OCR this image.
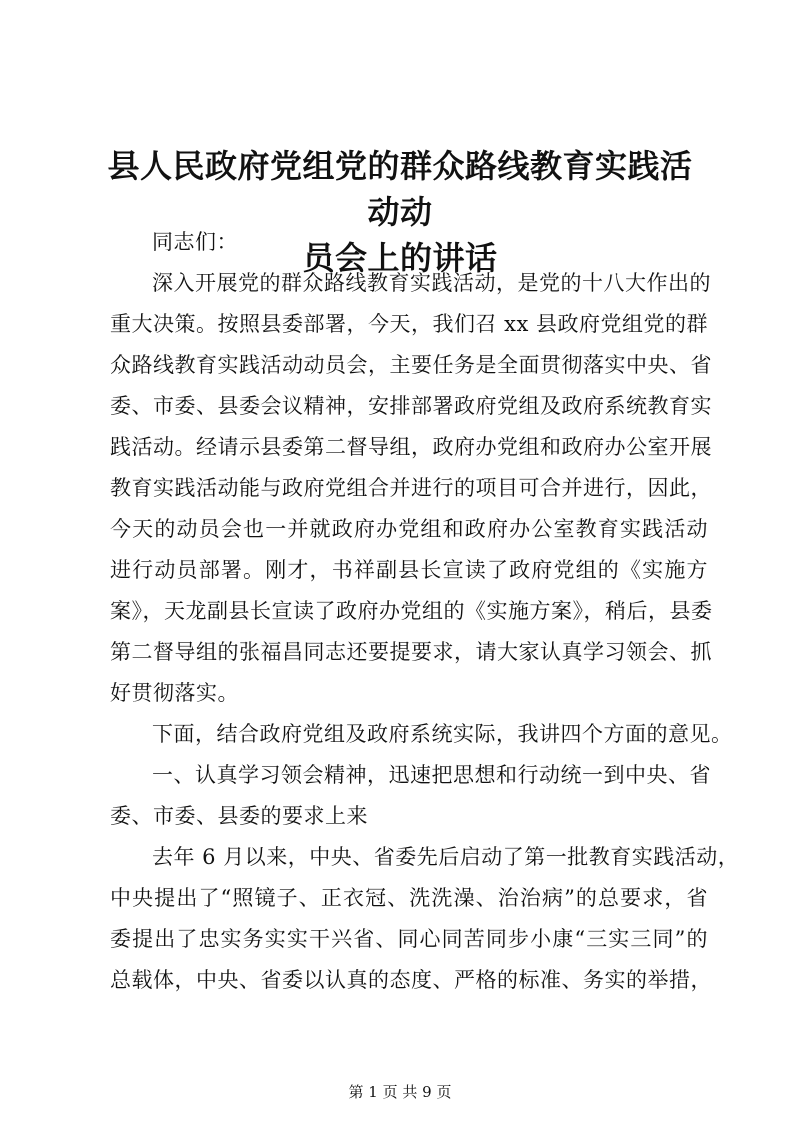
县人民政府党组党的群众路线教育实践活动动
员会上的讲话

同志们：

深入开展党的群众路线教育实践活动，是党的十八大作出的
重大决策。按照县委部署，今天，我们召 xx 县政府党组党的群
众路线教育实践活动动员会，主要任务是全面贯彻落实中央、省
委、市委、县委会议精神，安排部署政府党组及政府系统教育实
践活动。经请示县委第二督导组，政府办党组和政府办公室开展
教育实践活动能与政府党组合并进行的项目可合并进行，因此，
今天的动员会也一并就政府办党组和政府办公室教育实践活动
进行动员部署。刚才，书祥副县长宣读了政府党组的《实施方
案》，天龙副县长宣读了政府办党组的《实施方案》，稍后，县委
第二督导组的张福昌同志还要提要求，请大家认真学习领会、抓
好贯彻落实。

下面，结合政府党组及政府系统实际，我讲四个方面的意见。

一、认真学习领会精神，迅速把思想和行动统一到中央、省
委、市委、县委的要求上来

去年 6 月以来，中央、省委先后启动了第一批教育实践活动，
中央提出了“照镜子、正衣冠、洗洗澡、治治病”的总要求，省
委提出了忠实务实实干兴省、同心同苦同步小康“三实三同”的
总载体，中央、省委以认真的态度、严格的标准、务实的举措，

第 1 页 共 9 页
